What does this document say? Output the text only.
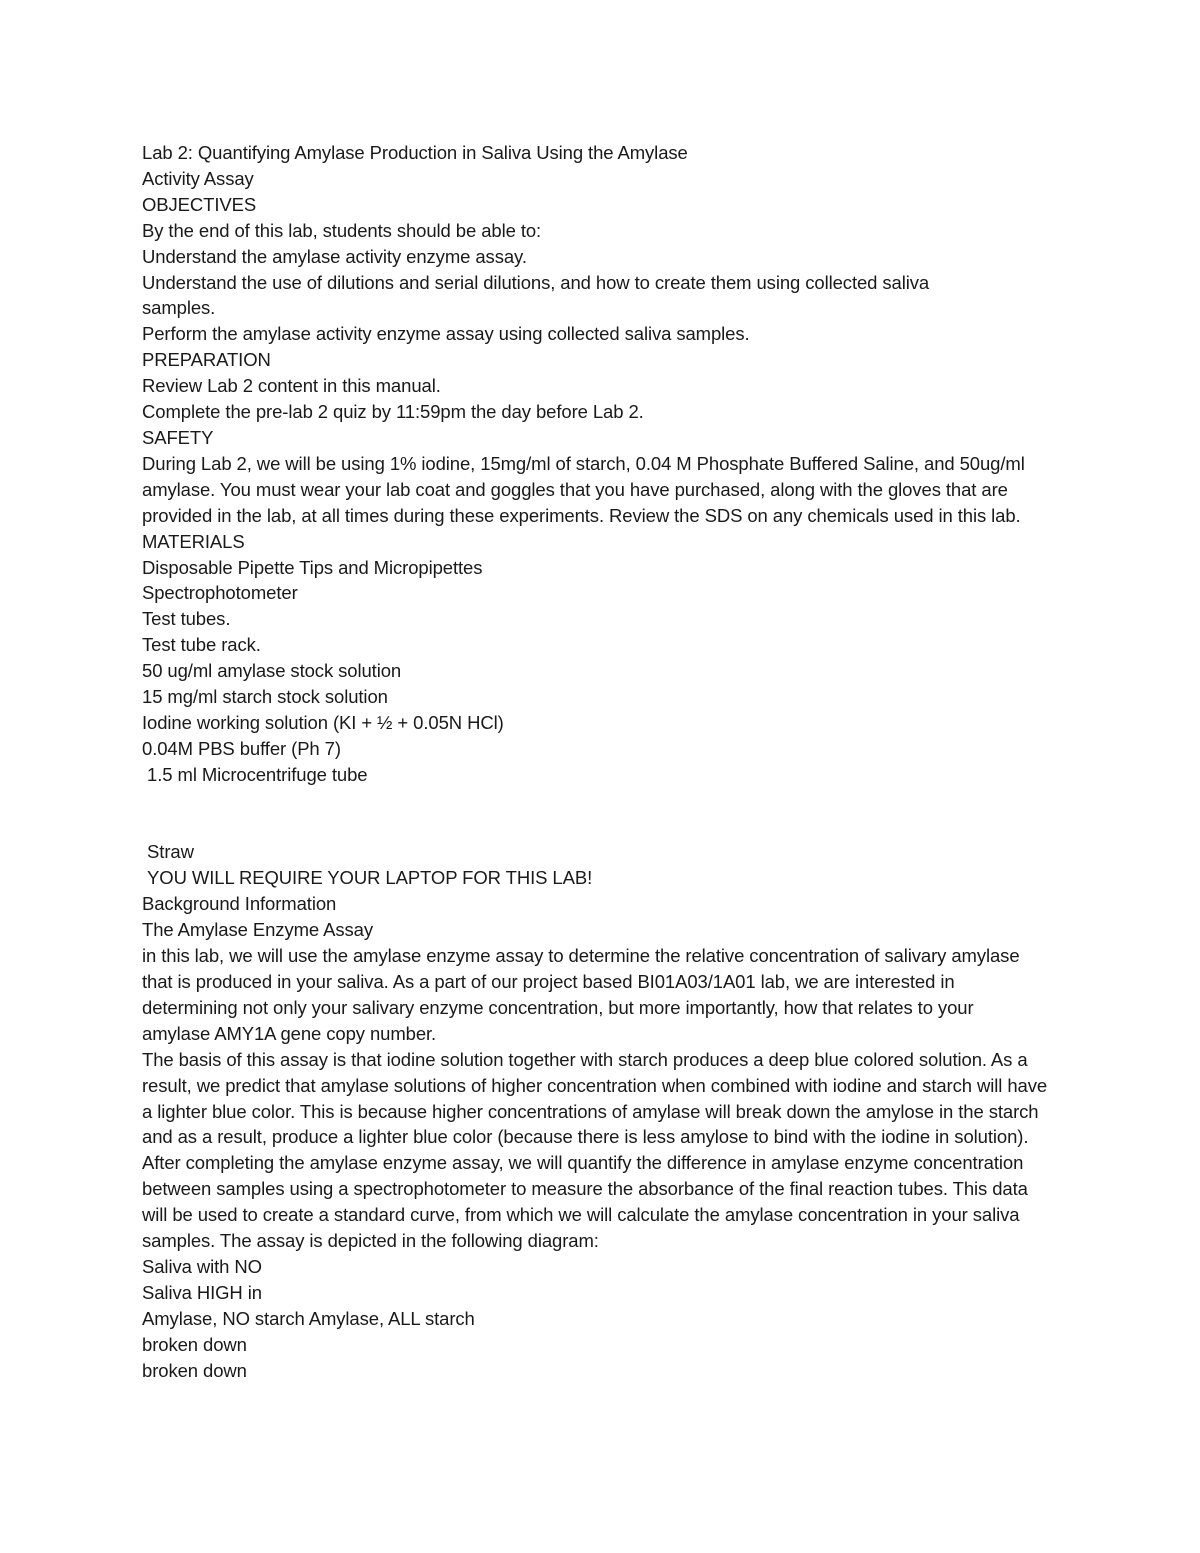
Lab 2: Quantifying Amylase Production in Saliva Using the Amylase

Activity Assay

OBJECTIVES

By the end of this lab, students should be able to:

Understand the amylase activity enzyme assay.

Understand the use of dilutions and serial dilutions, and how to create them using collected saliva samples.

Perform the amylase activity enzyme assay using collected saliva samples.

PREPARATION

Review Lab 2 content in this manual.

Complete the pre-lab 2 quiz by 11:59pm the day before Lab 2.

SAFETY

During Lab 2, we will be using 1% iodine, 15mg/ml of starch, 0.04 M Phosphate Buffered Saline, and 50ug/ml amylase. You must wear your lab coat and goggles that you have purchased, along with the gloves that are provided in the lab, at all times during these experiments. Review the SDS on any chemicals used in this lab.

MATERIALS

Disposable Pipette Tips and Micropipettes

Spectrophotometer

Test tubes.

Test tube rack.

50 ug/ml amylase stock solution

15 mg/ml starch stock solution

Iodine working solution (KI + ½ + 0.05N HCl)

0.04M PBS buffer (Ph 7)

1.5 ml Microcentrifuge tube

Straw

YOU WILL REQUIRE YOUR LAPTOP FOR THIS LAB!

Background Information

The Amylase Enzyme Assay

in this lab, we will use the amylase enzyme assay to determine the relative concentration of salivary amylase that is produced in your saliva. As a part of our project based BI01A03/1A01 lab, we are interested in determining not only your salivary enzyme concentration, but more importantly, how that relates to your amylase AMY1A gene copy number.

The basis of this assay is that iodine solution together with starch produces a deep blue colored solution. As a result, we predict that amylase solutions of higher concentration when combined with iodine and starch will have a lighter blue color. This is because higher concentrations of amylase will break down the amylose in the starch and as a result, produce a lighter blue color (because there is less amylose to bind with the iodine in solution). After completing the amylase enzyme assay, we will quantify the difference in amylase enzyme concentration between samples using a spectrophotometer to measure the absorbance of the final reaction tubes. This data will be used to create a standard curve, from which we will calculate the amylase concentration in your saliva samples. The assay is depicted in the following diagram:

Saliva with NO

Saliva HIGH in

Amylase, NO starch Amylase, ALL starch

broken down

broken down
